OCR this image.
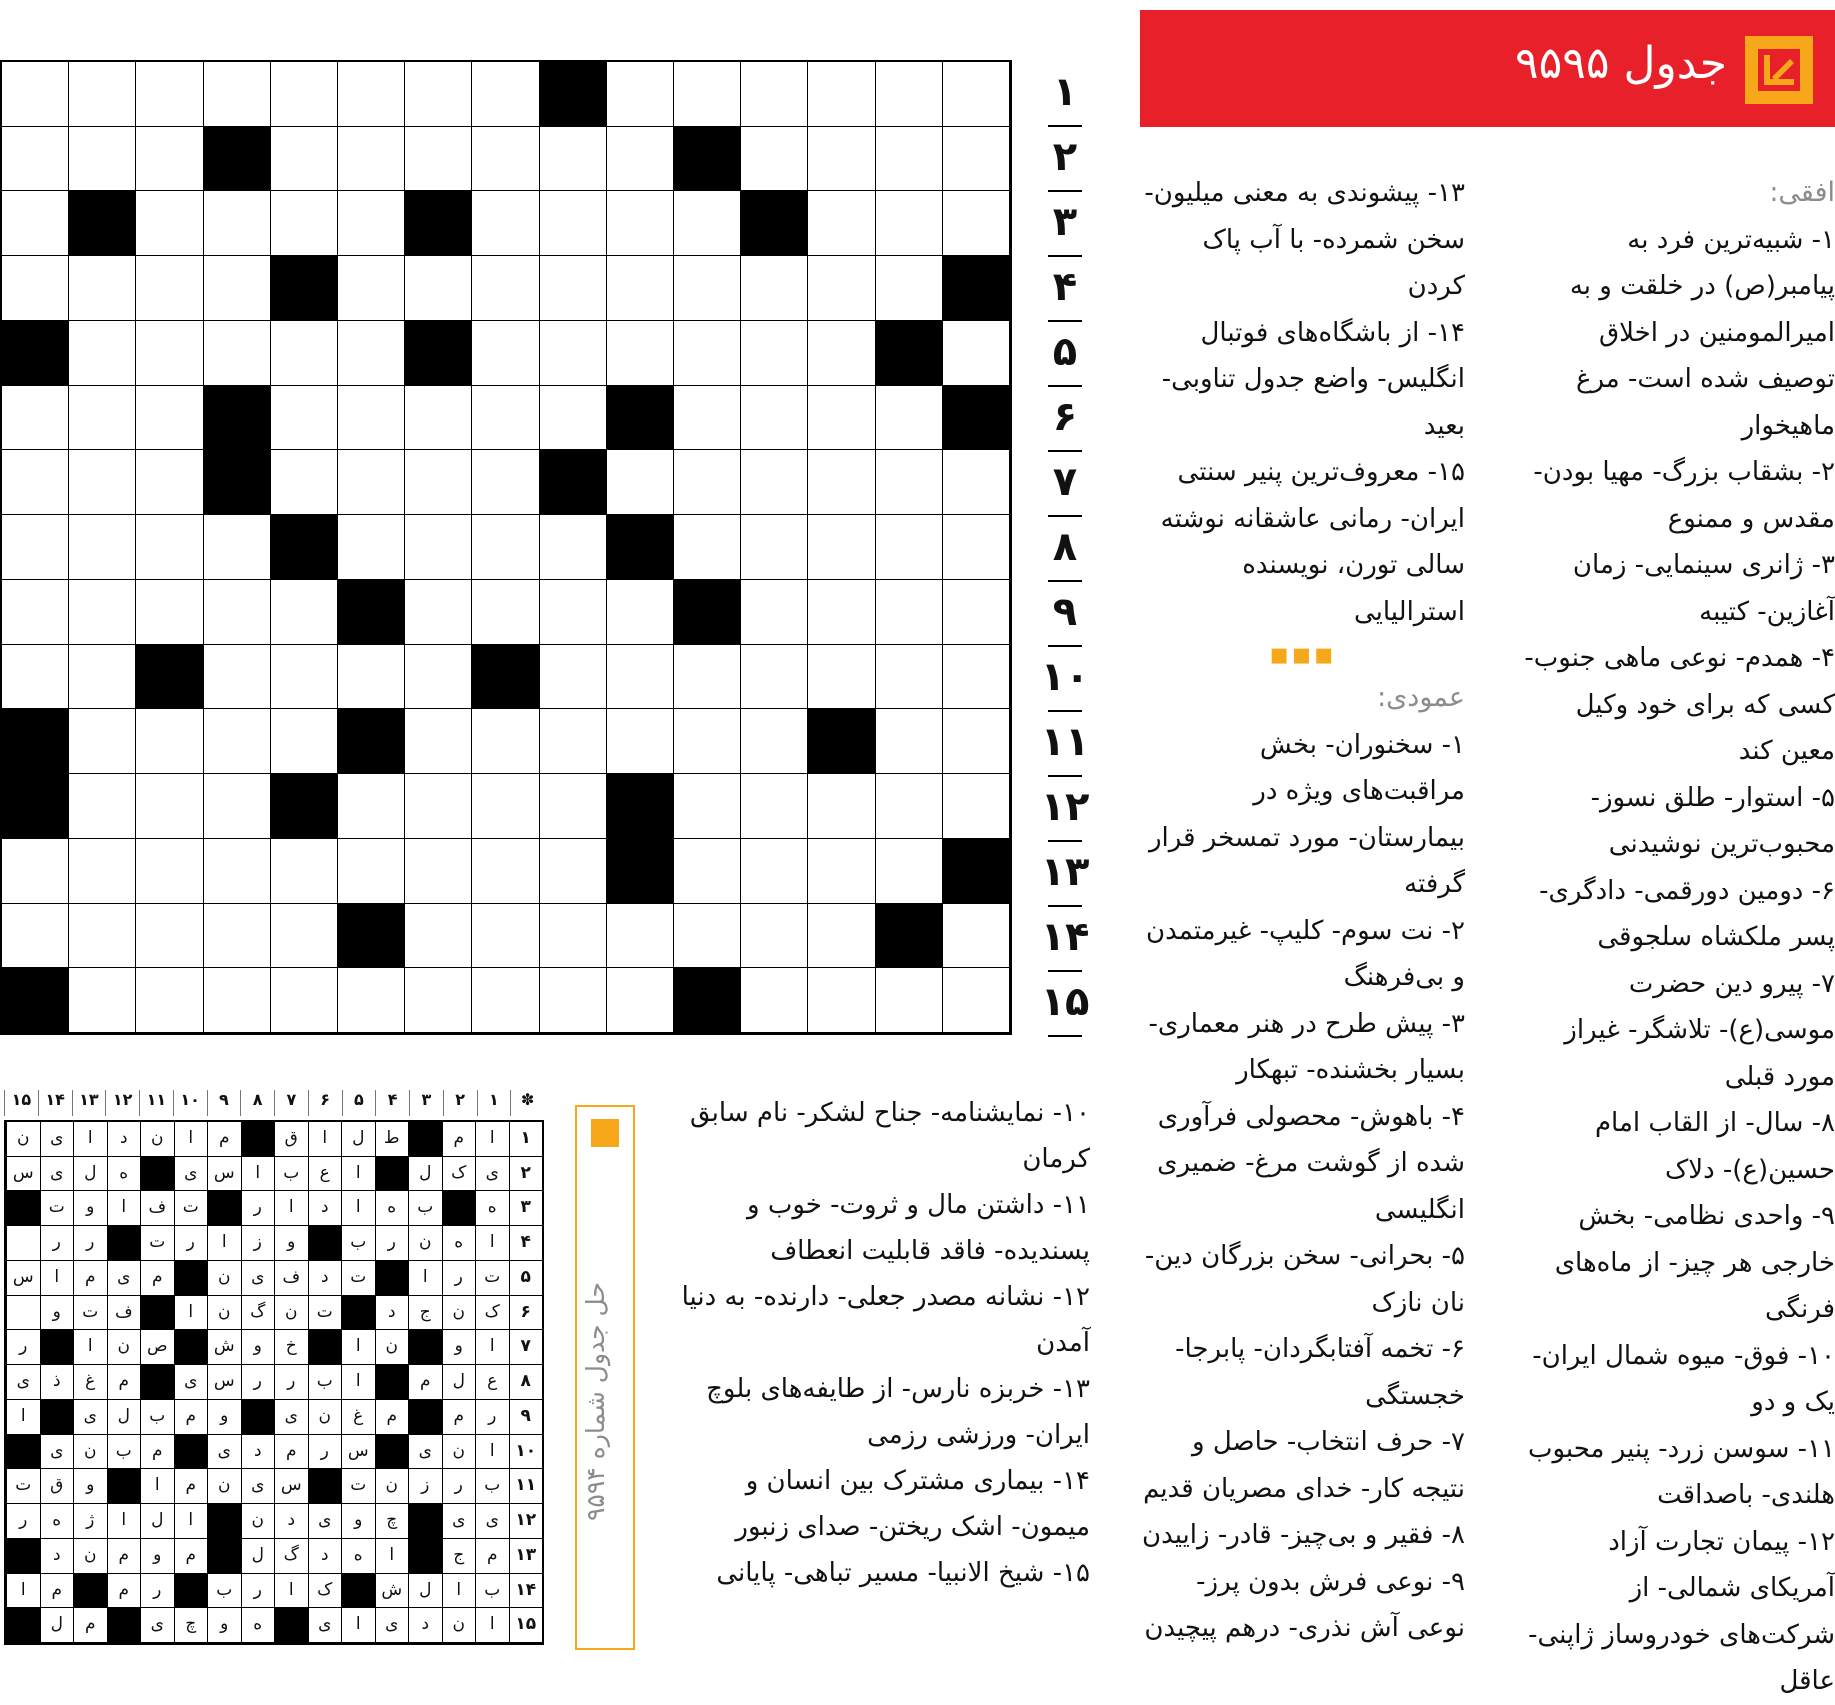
جدول ۹۵۹۵
افقی:

۱- شبیه‌ترین فرد به پیامبر(ص) در خلقت و به امیرالمومنین در اخلاق توصیف شده است- مرغ ماهیخوار

۲- بشقاب بزرگ- مهیا بودن- مقدس و ممنوع

۳- ژانری سینمایی- زمان آغازین- کتیبه

۴- همدم- نوعی ماهی جنوب- کسی که برای خود وکیل معین کند

۵- استوار- طلق نسوز- محبوب‌ترین نوشیدنی

۶- دومین دورقمی- دادگری- پسر ملکشاه سلجوقی

۷- پیرو دین حضرت موسی(ع)- تلاشگر- غیراز مورد قبلی

۸- سال- از القاب امام حسین(ع)- دلاک

۹- واحدی نظامی- بخش خارجی هر چیز- از ماه‌های فرنگی

۱۰- فوق- میوه شمال ایران- یک و دو

۱۱- سوسن زرد- پنیر محبوب هلندی- باصداقت

۱۲- پیمان تجارت آزاد آمریکای شمالی- از شرکت‌های خودروساز ژاپنی- عاقل

۱۳- پیشوندی به معنی میلیون- سخن شمرده- با آب پاک کردن

۱۴- از باشگاه‌های فوتبال انگلیس- واضع جدول تناوبی- بعید

۱۵- معروف‌ترین پنیر سنتی ایران- رمانی عاشقانه نوشته سالی تورن، نویسنده استرالیایی

▪▪▪
عمودی:

۱- سخنوران- بخش مراقبت‌های ویژه در بیمارستان- مورد تمسخر قرار گرفته

۲- نت سوم- کلیپ- غیرمتمدن و بی‌فرهنگ

۳- پیش طرح در هنر معماری- بسیار بخشنده- تبهکار

۴- باهوش- محصولی فرآوری شده از گوشت مرغ- ضمیری انگلیسی

۵- بحرانی- سخن بزرگان دین- نان نازک

۶- تخمه آفتابگردان- پابرجا- خجستگی

۷- حرف انتخاب- حاصل و نتیجه کار- خدای مصریان قدیم

۸- فقیر و بی‌چیز- قادر- زاییدن

۹- نوعی فرش بدون پرز- نوعی آش نذری- درهم پیچیدن

۱۰- نمایشنامه- جناح لشکر- نام سابق کرمان

۱۱- داشتن مال و ثروت- خوب و پسندیده- فاقد قابلیت انعطاف

۱۲- نشانه مصدر جعلی- دارنده- به دنیا آمدن

۱۳- خربزه نارس- از طایفه‌های بلوچ ایران- ورزشی رزمی

۱۴- بیماری مشترک بین انسان و میمون- اشک ریختن- صدای زنبور

۱۵- شیخ الانبیا- مسیر تباهی- پایانی

۱
۲
۳
۴
۵
۶
۷
۸
۹
۱۰
۱۱
۱۲
۱۳
۱۴
۱۵
✽
۱
۲
۳
۴
۵
۶
۷
۸
۹
۱۰
۱۱
۱۲
۱۳
۱۴
۱۵
۱
ا
م
ط
ل
ا
ق
م
ا
ن
د
ا
ی
ن
۲
ی
ک
ل
ا
ع
ب
ا
س
ی
ه
ل
ی
س
۳
ه
ب
ه
ا
د
ا
ر
ت
ف
ا
و
ت
۴
ا
ه
ن
ر
ب
و
ز
ا
ر
ت
ر
ر
۵
ت
ر
ا
ت
د
ف
ی
ن
م
ی
م
ا
س
۶
ک
ن
ج
د
ت
ن
گ
ن
ا
ف
ت
و
۷
ا
و
ن
ا
خ
و
ش
ص
ن
ا
ر
۸
ع
ل
م
ا
ب
ر
ر
س
ی
م
غ
ذ
ی
۹
ر
م
م
غ
ن
ی
و
م
ب
ل
ی
ا
۱۰
ا
ن
ی
س
ر
م
د
ی
م
ب
ن
ی
۱۱
ب
ر
ز
ن
ت
س
ی
ن
م
ا
و
ق
ت
۱۲
ی
ی
چ
و
ی
د
ن
ا
ل
ا
ژ
ه
ر
۱۳
م
ج
ا
ه
د
گ
ل
م
و
م
ن
د
۱۴
ب
ا
ل
ش
ک
ا
ر
ب
ر
م
م
ا
۱۵
ا
ن
د
ی
ا
ی
ه
و
چ
ی
م
ل
حل جدول شماره ۹۵۹۴
